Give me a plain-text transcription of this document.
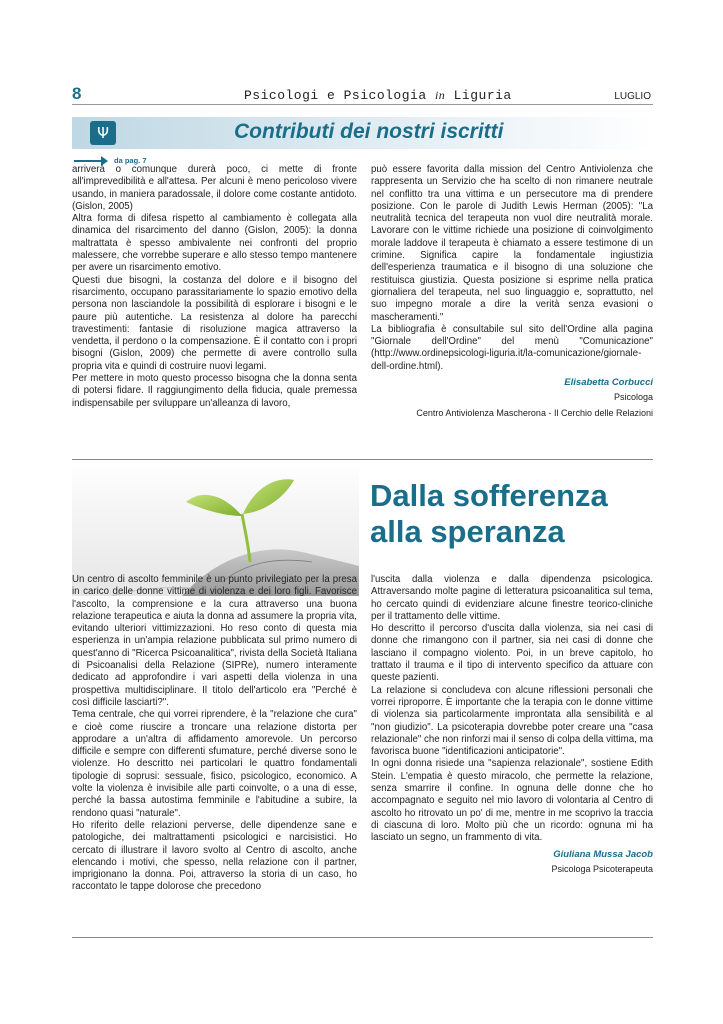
8	Psicologi e Psicologia in Liguria	LUGLIO
Ψ	Contributi dei nostri iscritti
da pag. 7

arriverà o comunque durerà poco, ci mette di fronte all'imprevedibilità e all'attesa. Per alcuni è meno pericoloso vivere usando, in maniera paradossale, il dolore come costante antidoto. (Gislon, 2005)

Altra forma di difesa rispetto al cambiamento è collegata alla dinamica del risarcimento del danno (Gislon, 2005): la donna maltrattata è spesso ambivalente nei confronti del proprio malessere, che vorrebbe superare e allo stesso tempo mantenere per avere un risarcimento emotivo.

Questi due bisogni, la costanza del dolore e il bisogno del risarcimento, occupano parassitariamente lo spazio emotivo della persona non lasciandole la possibilità di esplorare i bisogni e le paure più autentiche. La resistenza al dolore ha parecchi travestimenti: fantasie di risoluzione magica attraverso la vendetta, il perdono o la compensazione. È il contatto con i propri bisogni (Gislon, 2009) che permette di avere controllo sulla propria vita e quindi di costruire nuovi legami.

Per mettere in moto questo processo bisogna che la donna senta di potersi fidare. Il raggiungimento della fiducia, quale premessa indispensabile per sviluppare un'alleanza di lavoro,

può essere favorita dalla mission del Centro Antiviolenza che rappresenta un Servizio che ha scelto di non rimanere neutrale nel conflitto tra una vittima e un persecutore ma di prendere posizione. Con le parole di Judith Lewis Herman (2005): "La neutralità tecnica del terapeuta non vuol dire neutralità morale. Lavorare con le vittime richiede una posizione di coinvolgimento morale laddove il terapeuta è chiamato a essere testimone di un crimine. Significa capire la fondamentale ingiustizia dell'esperienza traumatica e il bisogno di una soluzione che restituisca giustizia. Questa posizione si esprime nella pratica giornaliera del terapeuta, nel suo linguaggio e, soprattutto, nel suo impegno morale a dire la verità senza evasioni o mascheramenti."

La bibliografia è consultabile sul sito dell'Ordine alla pagina "Giornale dell'Ordine" del menù "Comunicazione" (http://www.ordinepsicologi-liguria.it/la-comunicazione/giornale-dell-ordine.html).

Elisabetta Corbucci
Psicologa
Centro Antiviolenza Mascherona - Il Cerchio delle Relazioni
Dalla sofferenza
alla speranza

Un centro di ascolto femminile è un punto privilegiato per la presa in carico delle donne vittime di violenza e dei loro figli. Favorisce l'ascolto, la comprensione e la cura attraverso una buona relazione terapeutica e aiuta la donna ad assumere la propria vita, evitando ulteriori vittimizzazioni. Ho reso conto di questa mia esperienza in un'ampia relazione pubblicata sul primo numero di quest'anno di "Ricerca Psicoanalitica", rivista della Società Italiana di Psicoanalisi della Relazione (SIPRe), numero interamente dedicato ad approfondire i vari aspetti della violenza in una prospettiva multidisciplinare. Il titolo dell'articolo era "Perché è così difficile lasciarti?".

Tema centrale, che qui vorrei riprendere, è la "relazione che cura" e cioè come riuscire a troncare una relazione distorta per approdare a un'altra di affidamento amorevole. Un percorso difficile e sempre con differenti sfumature, perché diverse sono le violenze. Ho descritto nei particolari le quattro fondamentali tipologie di soprusi: sessuale, fisico, psicologico, economico. A volte la violenza è invisibile alle parti coinvolte, o a una di esse, perché la bassa autostima femminile e l'abitudine a subire, la rendono quasi "naturale".

Ho riferito delle relazioni perverse, delle dipendenze sane e patologiche, dei maltrattamenti psicologici e narcisistici. Ho cercato di illustrare il lavoro svolto al Centro di ascolto, anche elencando i motivi, che spesso, nella relazione con il partner, imprigionano la donna. Poi, attraverso la storia di un caso, ho raccontato le tappe dolorose che precedono

l'uscita dalla violenza e dalla dipendenza psicologica. Attraversando molte pagine di letteratura psicoanalitica sul tema, ho cercato quindi di evidenziare alcune finestre teorico-cliniche per il trattamento delle vittime.

Ho descritto il percorso d'uscita dalla violenza, sia nei casi di donne che rimangono con il partner, sia nei casi di donne che lasciano il compagno violento. Poi, in un breve capitolo, ho trattato il trauma e il tipo di intervento specifico da attuare con queste pazienti.

La relazione si concludeva con alcune riflessioni personali che vorrei riproporre. È importante che la terapia con le donne vittime di violenza sia particolarmente improntata alla sensibilità e al "non giudizio". La psicoterapia dovrebbe poter creare una "casa relazionale" che non rinforzi mai il senso di colpa della vittima, ma favorisca buone "identificazioni anticipatorie".

In ogni donna risiede una "sapienza relazionale", sostiene Edith Stein. L'empatia è questo miracolo, che permette la relazione, senza smarrire il confine. In ognuna delle donne che ho accompagnato e seguito nel mio lavoro di volontaria al Centro di ascolto ho ritrovato un po' di me, mentre in me scoprivo la traccia di ciascuna di loro. Molto più che un ricordo: ognuna mi ha lasciato un segno, un frammento di vita.

Giuliana Mussa Jacob
Psicologa Psicoterapeuta
